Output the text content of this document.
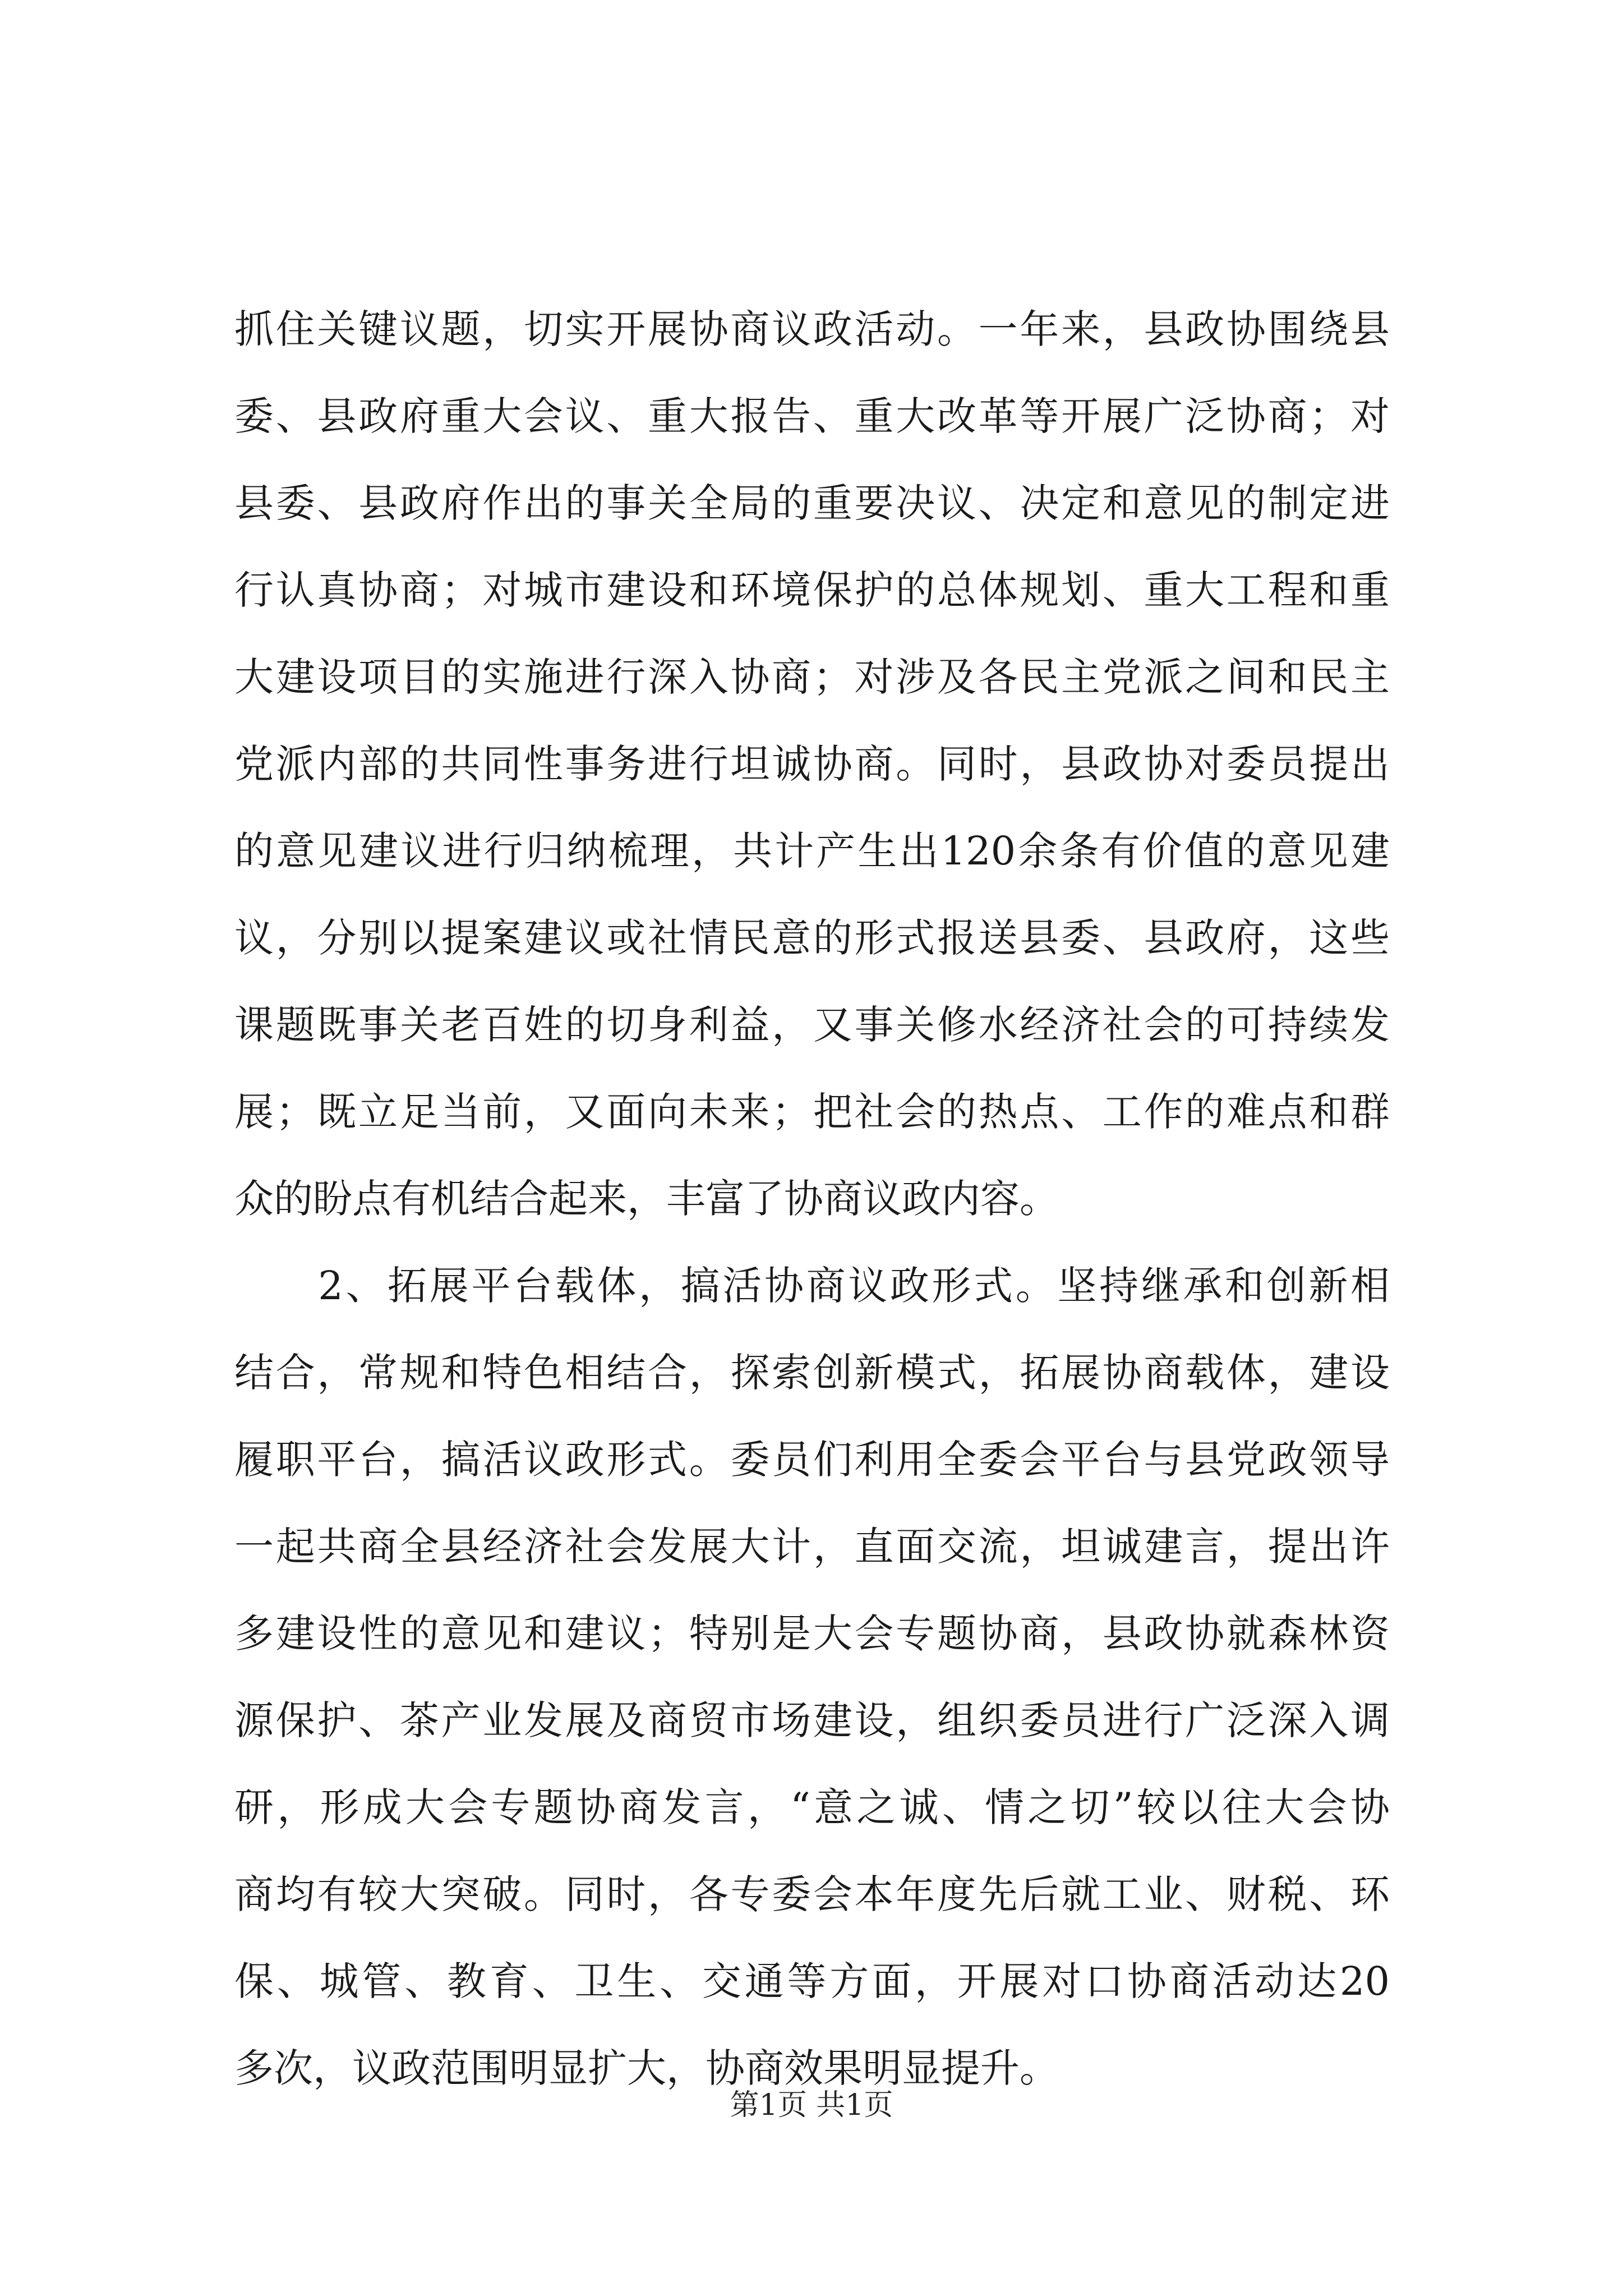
抓住关键议题，切实开展协商议政活动。一年来，县政协围绕县
委、县政府重大会议、重大报告、重大改革等开展广泛协商；对
县委、县政府作出的事关全局的重要决议、决定和意见的制定进
行认真协商；对城市建设和环境保护的总体规划、重大工程和重
大建设项目的实施进行深入协商；对涉及各民主党派之间和民主
党派内部的共同性事务进行坦诚协商。同时，县政协对委员提出
的意见建议进行归纳梳理，共计产生出120余条有价值的意见建
议，分别以提案建议或社情民意的形式报送县委、县政府，这些
课题既事关老百姓的切身利益，又事关修水经济社会的可持续发
展；既立足当前，又面向未来；把社会的热点、工作的难点和群
众的盼点有机结合起来，丰富了协商议政内容。
　　2、拓展平台载体，搞活协商议政形式。坚持继承和创新相
结合，常规和特色相结合，探索创新模式，拓展协商载体，建设
履职平台，搞活议政形式。委员们利用全委会平台与县党政领导
一起共商全县经济社会发展大计，直面交流，坦诚建言，提出许
多建设性的意见和建议；特别是大会专题协商，县政协就森林资
源保护、茶产业发展及商贸市场建设，组织委员进行广泛深入调
研，形成大会专题协商发言，“意之诚、情之切”较以往大会协
商均有较大突破。同时，各专委会本年度先后就工业、财税、环
保、城管、教育、卫生、交通等方面，开展对口协商活动达20
多次，议政范围明显扩大，协商效果明显提升。
第1页 共1页
